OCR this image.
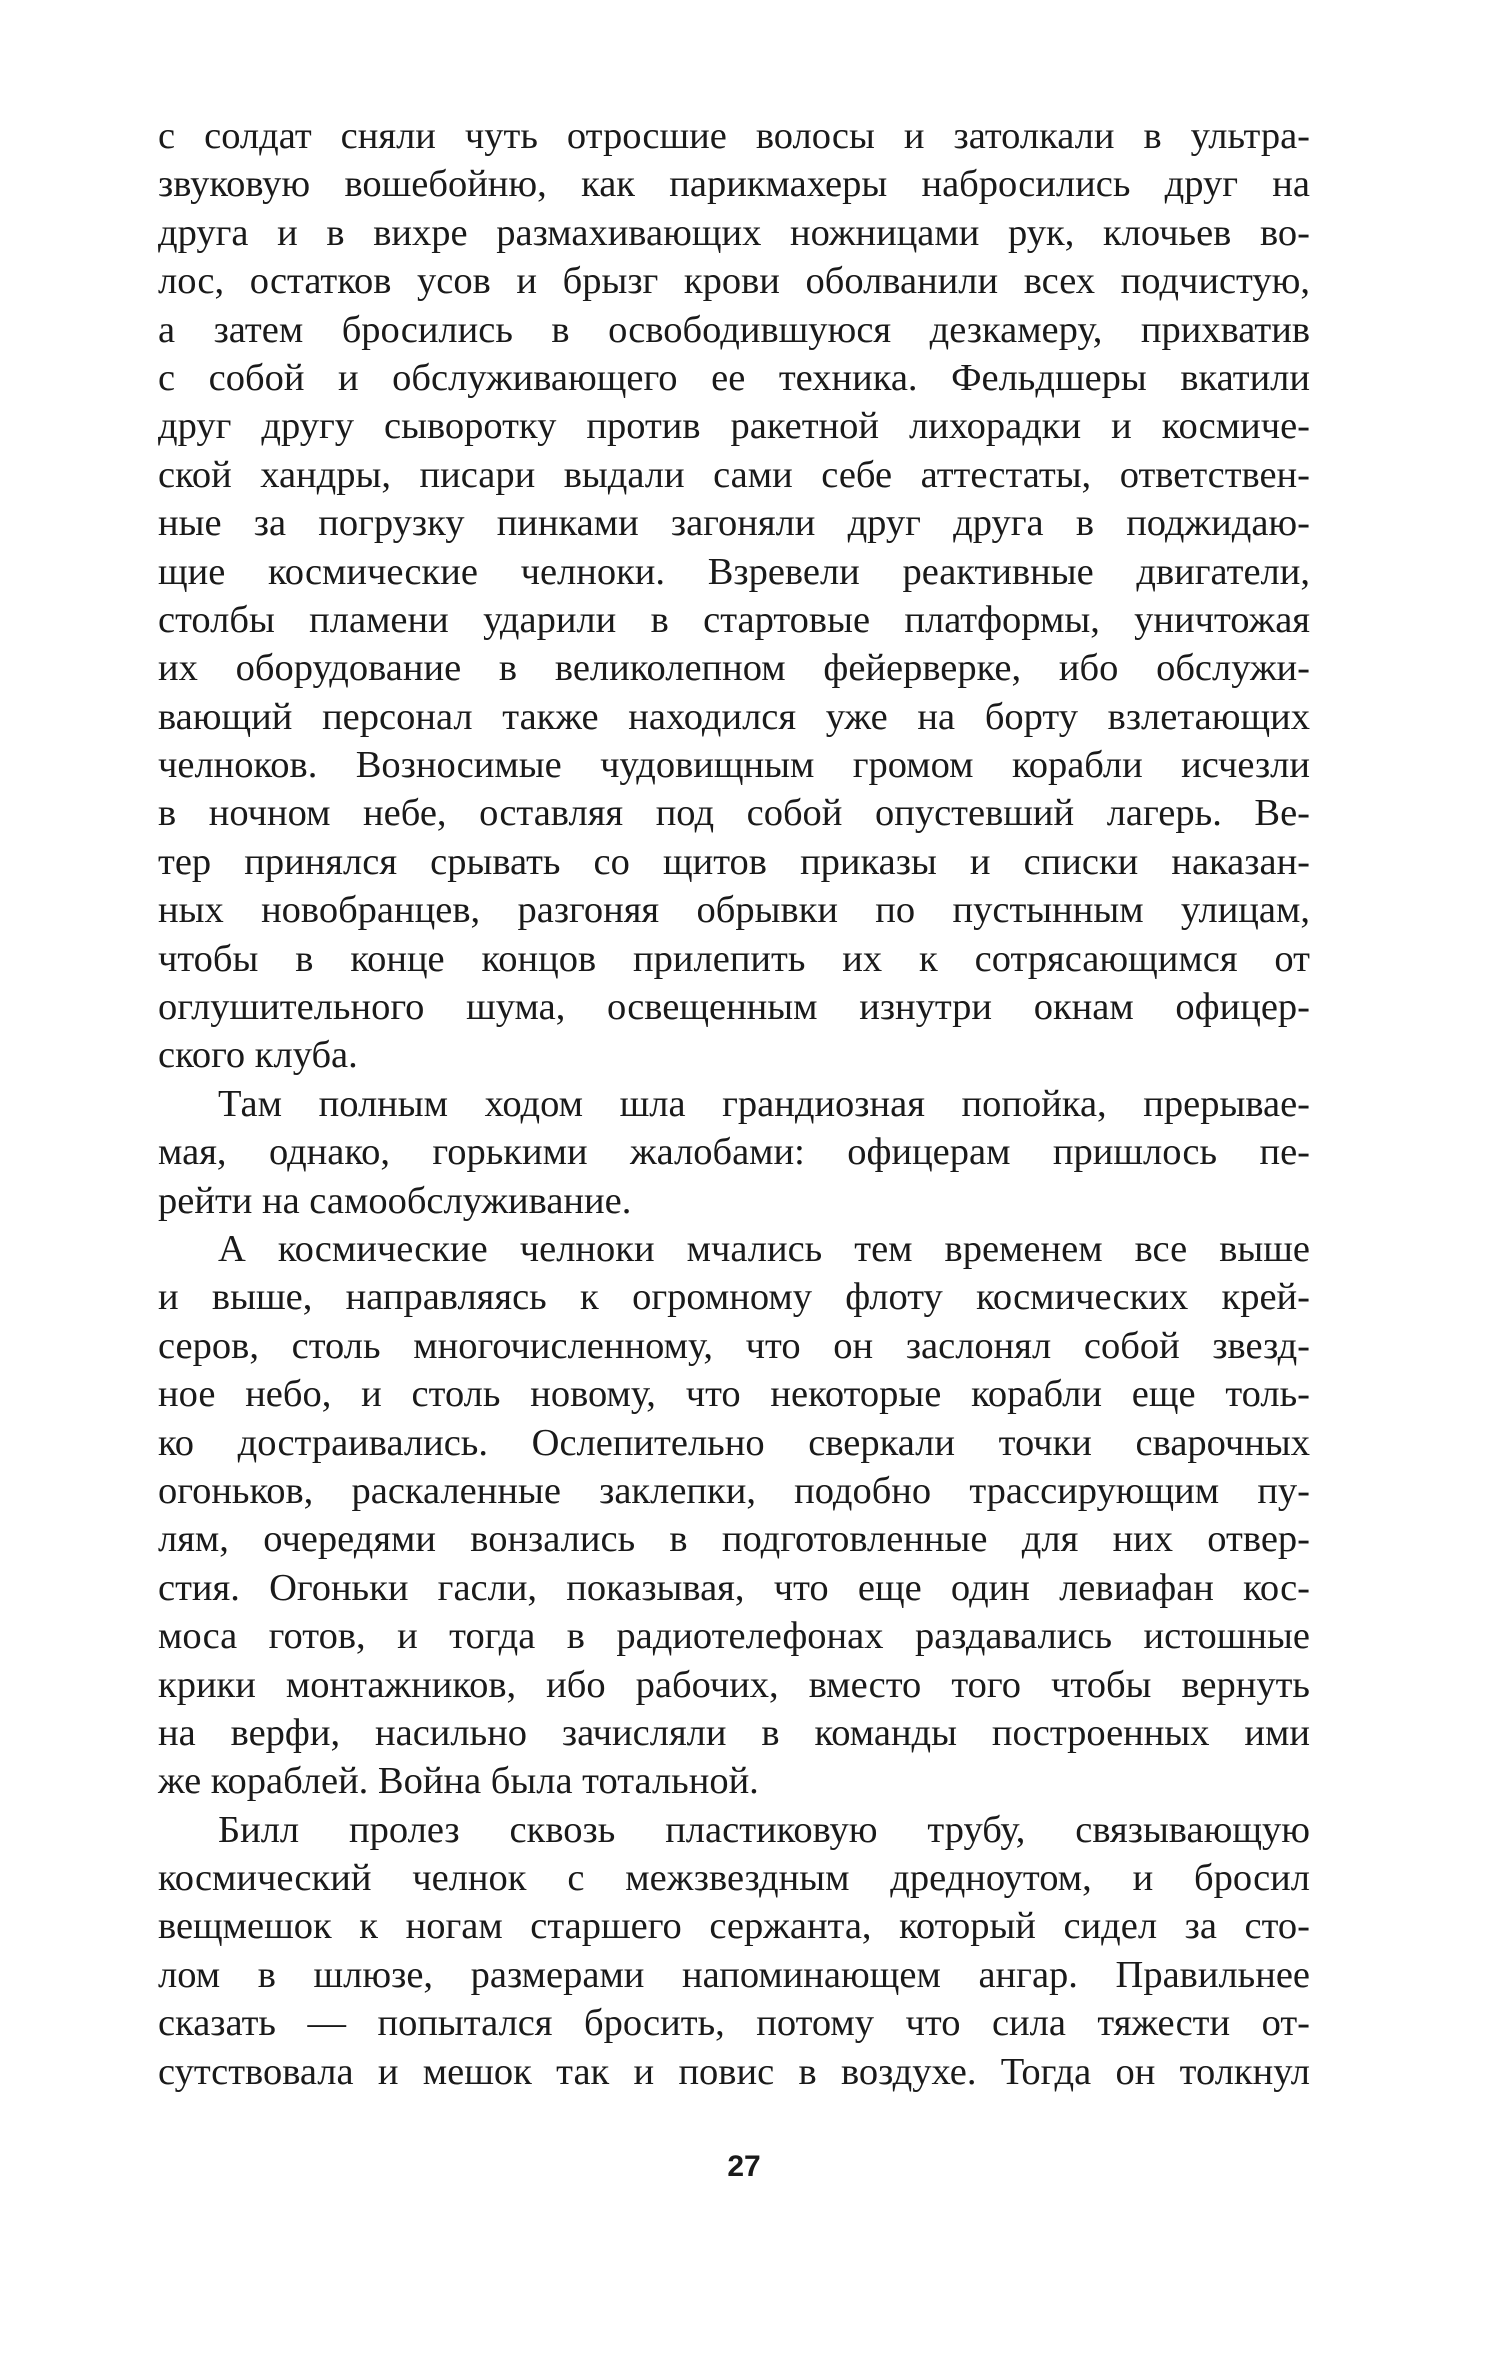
с солдат сняли чуть отросшие волосы и затолкали в ультра-
звуковую вошебойню, как парикмахеры набросились друг на
друга и в вихре размахивающих ножницами рук, клочьев во-
лос, остатков усов и брызг крови оболванили всех подчистую,
а затем бросились в освободившуюся дезкамеру, прихватив
с собой и обслуживающего ее техника. Фельдшеры вкатили
друг другу сыворотку против ракетной лихорадки и космиче-
ской хандры, писари выдали сами себе аттестаты, ответствен-
ные за погрузку пинками загоняли друг друга в поджидаю-
щие космические челноки. Взревели реактивные двигатели,
столбы пламени ударили в стартовые платформы, уничтожая
их оборудование в великолепном фейерверке, ибо обслужи-
вающий персонал также находился уже на борту взлетающих
челноков. Возносимые чудовищным громом корабли исчезли
в ночном небе, оставляя под собой опустевший лагерь. Ве-
тер принялся срывать со щитов приказы и списки наказан-
ных новобранцев, разгоняя обрывки по пустынным улицам,
чтобы в конце концов прилепить их к сотрясающимся от
оглушительного шума, освещенным изнутри окнам офицер-
ского клуба.
Там полным ходом шла грандиозная попойка, прерывае-
мая, однако, горькими жалобами: офицерам пришлось пе-
рейти на самообслуживание.
А космические челноки мчались тем временем все выше
и выше, направляясь к огромному флоту космических крей-
серов, столь многочисленному, что он заслонял собой звезд-
ное небо, и столь новому, что некоторые корабли еще толь-
ко достраивались. Ослепительно сверкали точки сварочных
огоньков, раскаленные заклепки, подобно трассирующим пу-
лям, очередями вонзались в подготовленные для них отвер-
стия. Огоньки гасли, показывая, что еще один левиафан кос-
моса готов, и тогда в радиотелефонах раздавались истошные
крики монтажников, ибо рабочих, вместо того чтобы вернуть
на верфи, насильно зачисляли в команды построенных ими
же кораблей. Война была тотальной.
Билл пролез сквозь пластиковую трубу, связывающую
космический челнок с межзвездным дредноутом, и бросил
вещмешок к ногам старшего сержанта, который сидел за сто-
лом в шлюзе, размерами напоминающем ангар. Правильнее
сказать — попытался бросить, потому что сила тяжести от-
сутствовала и мешок так и повис в воздухе. Тогда он толкнул
27
